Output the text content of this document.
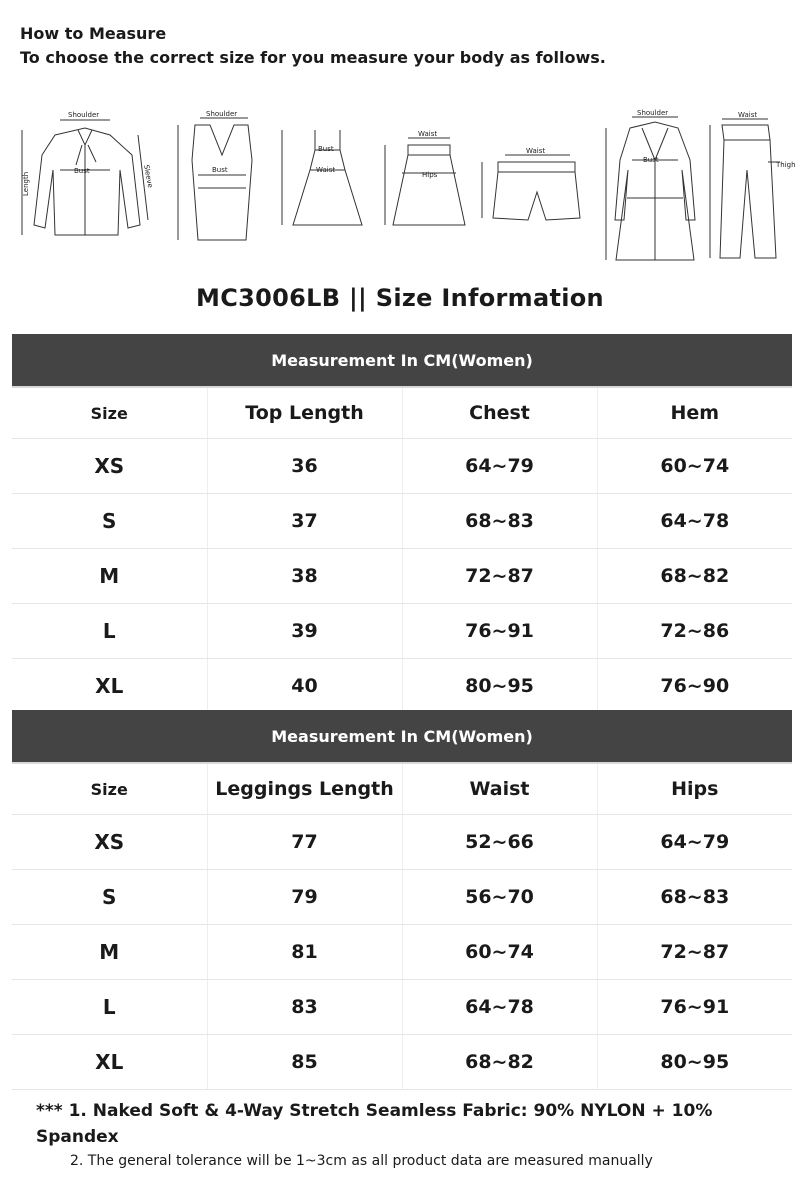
How to Measure

To choose the correct size for you measure your body as follows.

Shoulder
Bust
Length	Sleeve
Shoulder
Bust
Bust
Waist
Waist
Hips
Waist
Shoulder
Bust
Waist
Thigh
MC3006LB || Size Information
Measurement In CM(Women)			
Size	Top Length	Chest	Hem
XS	36	64~79	60~74
S	37	68~83	64~78
M	38	72~87	68~82
L	39	76~91	72~86
XL	40	80~95	76~90
Measurement In CM(Women)			
Size	Leggings Length	Waist	Hips
XS	77	52~66	64~79
S	79	56~70	68~83
M	81	60~74	72~87
L	83	64~78	76~91
XL	85	68~82	80~95
*** 1. Naked Soft & 4-Way Stretch Seamless Fabric: 90% NYLON + 10% Spandex
2. The general tolerance will be 1~3cm as all product data are measured manually
